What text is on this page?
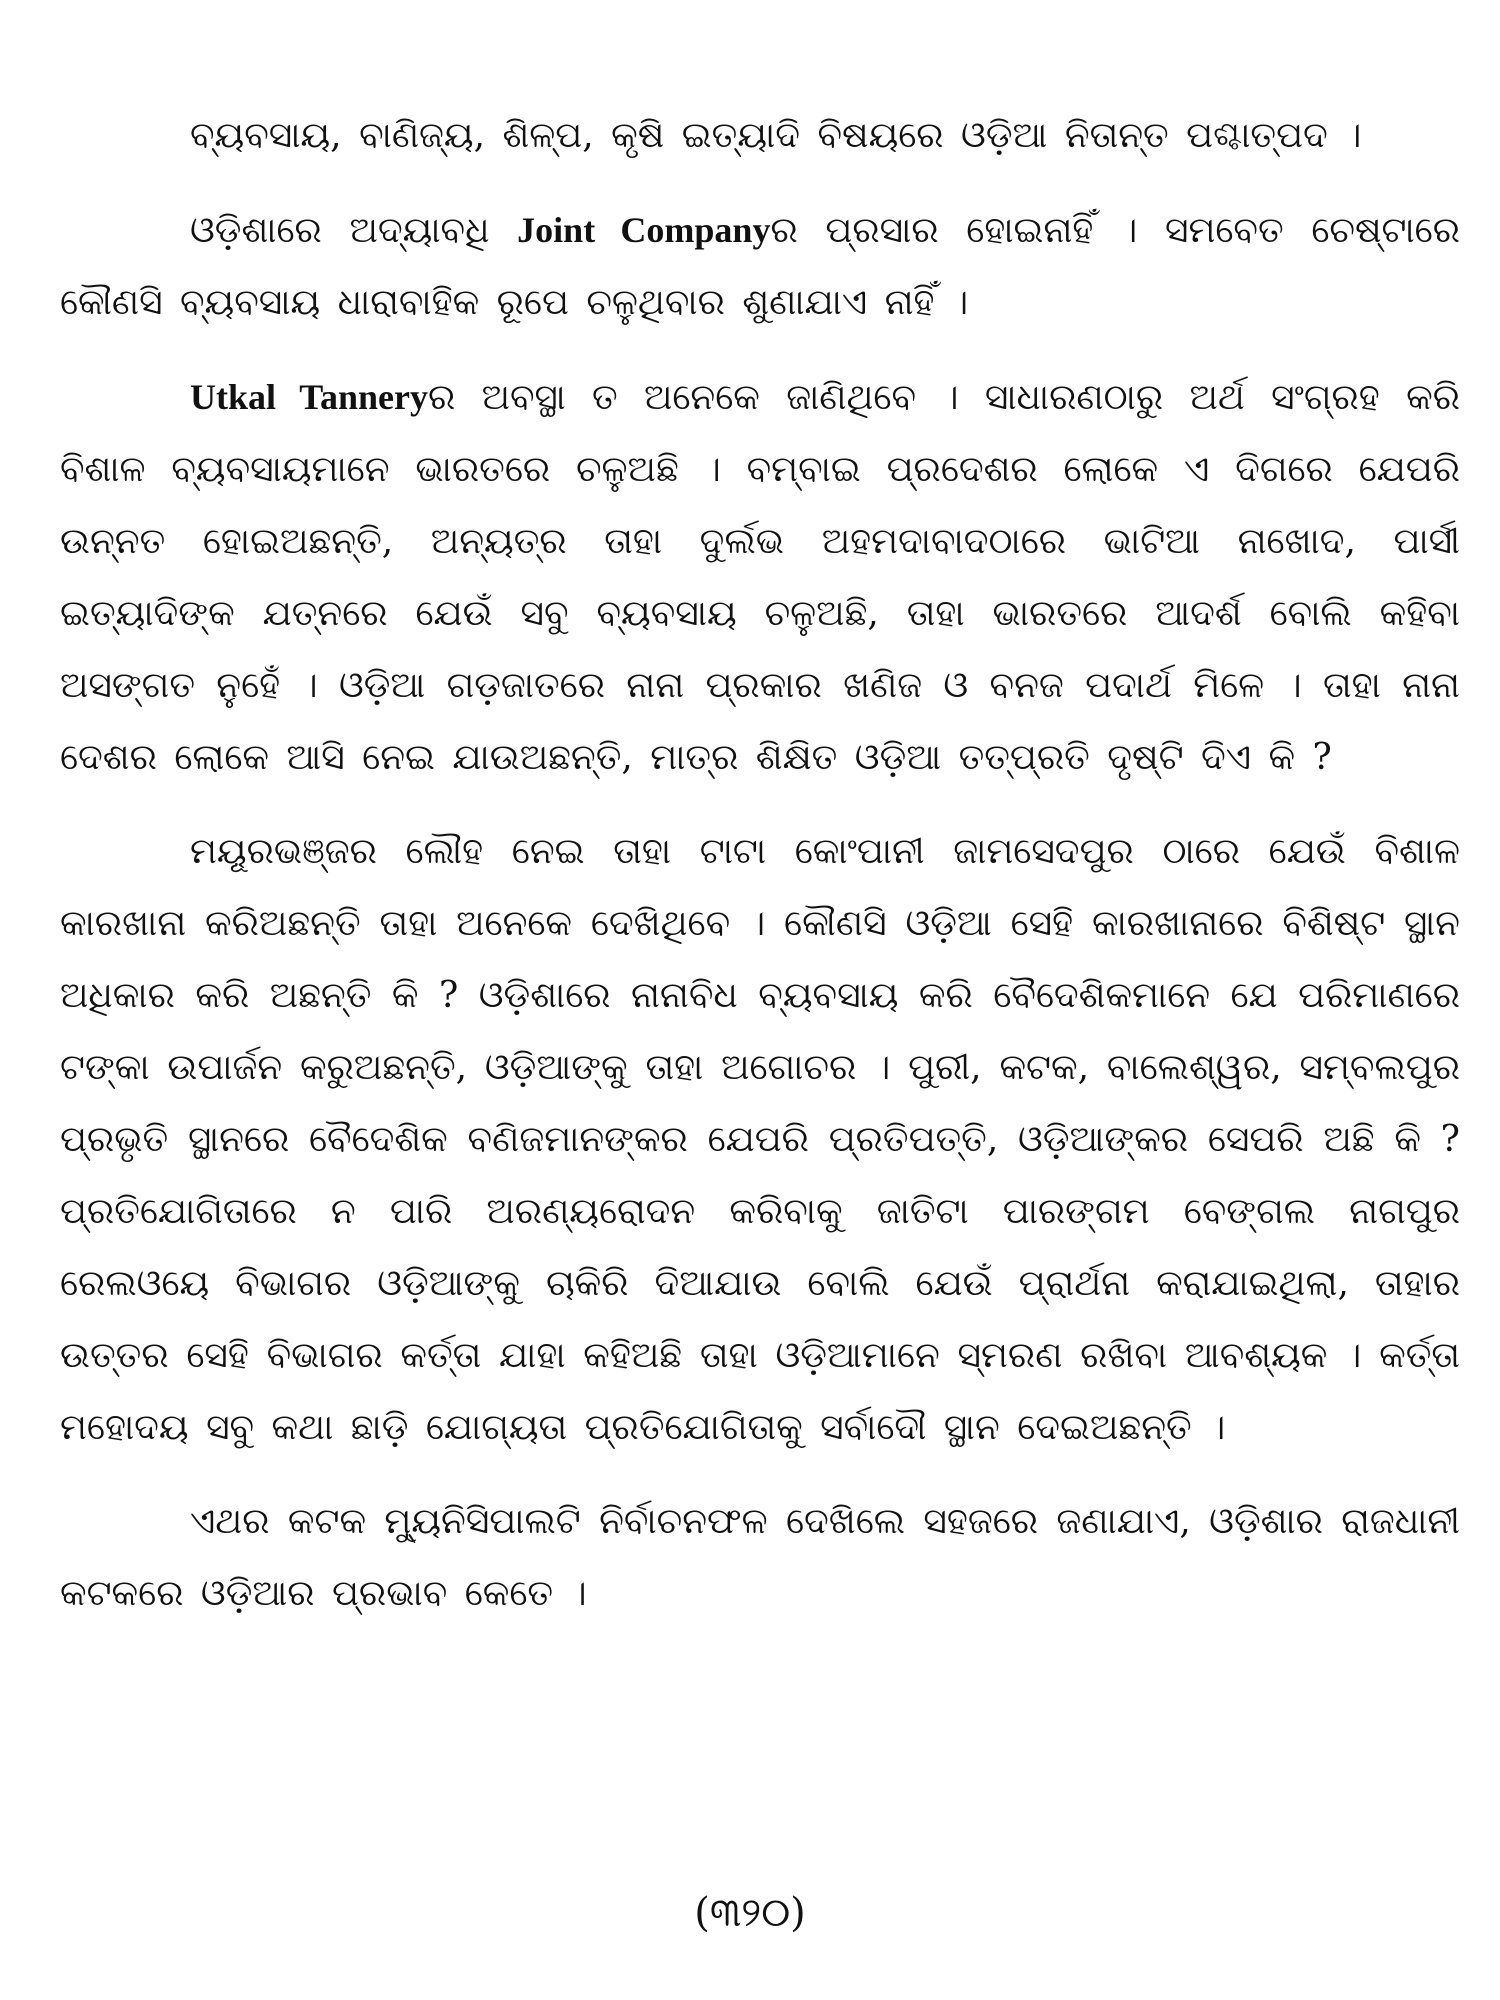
ବ୍ୟବସାୟ, ବାଣିଜ୍ୟ, ଶିଳ୍ପ, କୃଷି ଇତ୍ୟାଦି ବିଷୟରେ ଓଡ଼ିଆ ନିତାନ୍ତ ପଶ୍ଚାତ୍‌ପଦ ।

ଓଡ଼ିଶାରେ ଅଦ୍ୟାବଧି Joint Companyର ପ୍ରସାର ହୋଇନାହିଁ । ସମବେତ ଚେଷ୍ଟାରେ କୌଣସି ବ୍ୟବସାୟ ଧାରାବାହିକ ରୂପେ ଚଳୁଥିବାର ଶୁଣାଯାଏ ନାହିଁ ।

Utkal Tanneryର ଅବସ୍ଥା ତ ଅନେକେ ଜାଣିଥିବେ । ସାଧାରଣଠାରୁ ଅର୍ଥ ସଂଗ୍ରହ କରି ବିଶାଳ ବ୍ୟବସାୟମାନେ ଭାରତରେ ଚଳୁଅଛି । ବମ୍ବାଇ ପ୍ରଦେଶର ଲୋକେ ଏ ଦିଗରେ ଯେପରି ଉନ୍ନତ ହୋଇଅଛନ୍ତି, ଅନ୍ୟତ୍ର ତାହା ଦୁର୍ଲଭ ଅହମଦାବାଦଠାରେ ଭାଟିଆ ନାଖୋଦ, ପାର୍ସୀ ଇତ୍ୟାଦିଙ୍କ ଯତ୍ନରେ ଯେଉଁ ସବୁ ବ୍ୟବସାୟ ଚଳୁଅଛି, ତାହା ଭାରତରେ ଆଦର୍ଶ ବୋଲି କହିବା ଅସଙ୍ଗତ ନୁହେଁ । ଓଡ଼ିଆ ଗଡ଼ଜାତରେ ନାନା ପ୍ରକାର ଖଣିଜ ଓ ବନଜ ପଦାର୍ଥ ମିଳେ । ତାହା ନାନା ଦେଶର ଲୋକେ ଆସି ନେଇ ଯାଉଅଛନ୍ତି, ମାତ୍ର ଶିକ୍ଷିତ ଓଡ଼ିଆ ତତ୍‌ପ୍ରତି ଦୃଷ୍ଟି ଦିଏ କି ?

ମୟୂରଭଞ୍ଜର ଲୌହ ନେଇ ତାହା ଟାଟା କୋଂପାନୀ ଜାମସେଦପୁର ଠାରେ ଯେଉଁ ବିଶାଳ କାରଖାନା କରିଅଛନ୍ତି ତାହା ଅନେକେ ଦେଖିଥିବେ । କୌଣସି ଓଡ଼ିଆ ସେହି କାରଖାନାରେ ବିଶିଷ୍ଟ ସ୍ଥାନ ଅଧିକାର କରି ଅଛନ୍ତି କି ? ଓଡ଼ିଶାରେ ନାନାବିଧ ବ୍ୟବସାୟ କରି ବୈଦେଶିକମାନେ ଯେ ପରିମାଣରେ ଟଙ୍କା ଉପାର୍ଜନ କରୁଅଛନ୍ତି, ଓଡ଼ିଆଙ୍କୁ ତାହା ଅଗୋଚର । ପୁରୀ, କଟକ, ବାଲେଶ୍ୱର, ସମ୍ବଲପୁର ପ୍ରଭୃତି ସ୍ଥାନରେ ବୈଦେଶିକ ବଣିଜମାନଙ୍କର ଯେପରି ପ୍ରତିପତ୍ତି, ଓଡ଼ିଆଙ୍କର ସେପରି ଅଛି କି ? ପ୍ରତିଯୋଗିତାରେ ନ ପାରି ଅରଣ୍ୟରୋଦନ କରିବାକୁ ଜାତିଟା ପାରଙ୍ଗମ ବେଙ୍ଗଲ ନାଗପୁର ରେଲଓୟେ ବିଭାଗର ଓଡ଼ିଆଙ୍କୁ ଚାକିରି ଦିଆଯାଉ ବୋଲି ଯେଉଁ ପ୍ରାର୍ଥନା କରାଯାଇଥିଲା, ତାହାର ଉତ୍ତର ସେହି ବିଭାଗର କର୍ତ୍ତା ଯାହା କହିଅଛି ତାହା ଓଡ଼ିଆମାନେ ସ୍ମରଣ ରଖିବା ଆବଶ୍ୟକ । କର୍ତ୍ତା ମହୋଦୟ ସବୁ କଥା ଛାଡ଼ି ଯୋଗ୍ୟତା ପ୍ରତିଯୋଗିତାକୁ ସର୍ବାଦୌ ସ୍ଥାନ ଦେଇଅଛନ୍ତି ।

ଏଥର କଟକ ମ୍ୟୁନିସିପାଲଟି ନିର୍ବାଚନଫଳ ଦେଖିଲେ ସହଜରେ ଜଣାଯାଏ, ଓଡ଼ିଶାର ରାଜଧାନୀ କଟକରେ ଓଡ଼ିଆର ପ୍ରଭାବ କେତେ ।

(୩୨୦)
